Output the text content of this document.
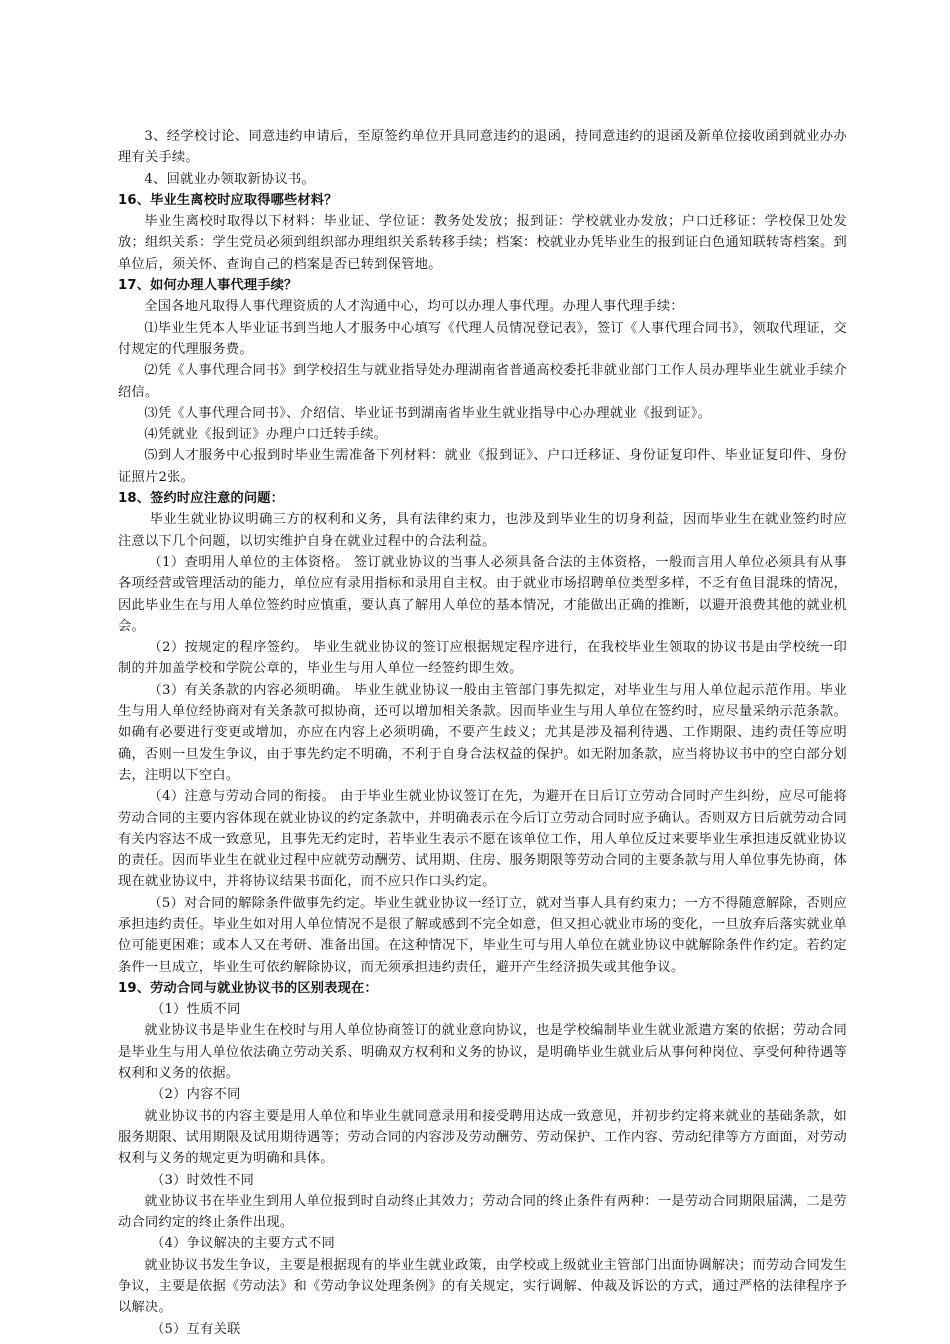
3、经学校讨论、同意违约申请后，至原签约单位开具同意违约的退函，持同意违约的退函及新单位接收函到就业办办理有关手续。

4、回就业办领取新协议书。

16、毕业生离校时应取得哪些材料？

毕业生离校时取得以下材料：毕业证、学位证：教务处发放；报到证：学校就业办发放；户口迁移证：学校保卫处发放；组织关系：学生党员必须到组织部办理组织关系转移手续；档案：校就业办凭毕业生的报到证白色通知联转寄档案。到单位后，须关怀、查询自己的档案是否已转到保管地。

17、如何办理人事代理手续？

全国各地凡取得人事代理资质的人才沟通中心，均可以办理人事代理。办理人事代理手续：

⑴毕业生凭本人毕业证书到当地人才服务中心填写《代理人员情况登记表》，签订《人事代理合同书》，领取代理证，交付规定的代理服务费。

⑵凭《人事代理合同书》到学校招生与就业指导处办理湖南省普通高校委托非就业部门工作人员办理毕业生就业手续介绍信。

⑶凭《人事代理合同书》、介绍信、毕业证书到湖南省毕业生就业指导中心办理就业《报到证》。

⑷凭就业《报到证》办理户口迁转手续。

⑸到人才服务中心报到时毕业生需准备下列材料：就业《报到证》、户口迁移证、身份证复印件、毕业证复印件、身份证照片2张。

18、签约时应注意的问题：

毕业生就业协议明确三方的权利和义务，具有法律约束力，也涉及到毕业生的切身利益，因而毕业生在就业签约时应注意以下几个问题，以切实维护自身在就业过程中的合法利益。

（1）查明用人单位的主体资格。 签订就业协议的当事人必须具备合法的主体资格，一般而言用人单位必须具有从事各项经营或管理活动的能力，单位应有录用指标和录用自主权。由于就业市场招聘单位类型多样，不乏有鱼目混珠的情况，因此毕业生在与用人单位签约时应慎重，要认真了解用人单位的基本情况，才能做出正确的推断，以避开浪费其他的就业机会。

（2）按规定的程序签约。 毕业生就业协议的签订应根据规定程序进行，在我校毕业生领取的协议书是由学校统一印制的并加盖学校和学院公章的，毕业生与用人单位一经签约即生效。

（3）有关条款的内容必须明确。 毕业生就业协议一般由主管部门事先拟定，对毕业生与用人单位起示范作用。毕业生与用人单位经协商对有关条款可拟协商，还可以增加相关条款。因而毕业生与用人单位在签约时，应尽量采纳示范条款。如确有必要进行变更或增加，亦应在内容上必须明确，不要产生歧义；尤其是涉及福利待遇、工作期限、违约责任等应明确，否则一旦发生争议，由于事先约定不明确，不利于自身合法权益的保护。如无附加条款，应当将协议书中的空白部分划去，注明以下空白。

（4）注意与劳动合同的衔接。 由于毕业生就业协议签订在先，为避开在日后订立劳动合同时产生纠纷，应尽可能将劳动合同的主要内容体现在就业协议的约定条款中，并明确表示在今后订立劳动合同时应予确认。否则双方日后就劳动合同有关内容达不成一致意见，且事先无约定时，若毕业生表示不愿在该单位工作，用人单位反过来要毕业生承担违反就业协议的责任。因而毕业生在就业过程中应就劳动酬劳、试用期、住房、服务期限等劳动合同的主要条款与用人单位事先协商，体现在就业协议中，并将协议结果书面化，而不应只作口头约定。

（5）对合同的解除条件做事先约定。毕业生就业协议一经订立，就对当事人具有约束力；一方不得随意解除，否则应承担违约责任。毕业生如对用人单位情况不是很了解或感到不完全如意，但又担心就业市场的变化，一旦放弃后落实就业单位可能更困难；或本人又在考研、准备出国。在这种情况下，毕业生可与用人单位在就业协议中就解除条件作约定。若约定条件一旦成立，毕业生可依约解除协议，而无须承担违约责任，避开产生经济损失或其他争议。

19、劳动合同与就业协议书的区别表现在：

（1）性质不同

就业协议书是毕业生在校时与用人单位协商签订的就业意向协议，也是学校编制毕业生就业派遣方案的依据；劳动合同是毕业生与用人单位依法确立劳动关系、明确双方权利和义务的协议，是明确毕业生就业后从事何种岗位、享受何种待遇等权利和义务的依据。

（2）内容不同

就业协议书的内容主要是用人单位和毕业生就同意录用和接受聘用达成一致意见，并初步约定将来就业的基础条款，如服务期限、试用期限及试用期待遇等；劳动合同的内容涉及劳动酬劳、劳动保护、工作内容、劳动纪律等方方面面，对劳动权利与义务的规定更为明确和具体。

（3）时效性不同

就业协议书在毕业生到用人单位报到时自动终止其效力；劳动合同的终止条件有两种：一是劳动合同期限届满，二是劳动合同约定的终止条件出现。

（4）争议解决的主要方式不同

就业协议书发生争议，主要是根据现有的毕业生就业政策，由学校或上级就业主管部门出面协调解决；而劳动合同发生争议，主要是依据《劳动法》和《劳动争议处理条例》的有关规定，实行调解、仲裁及诉讼的方式，通过严格的法律程序予以解决。

（5）互有关联
